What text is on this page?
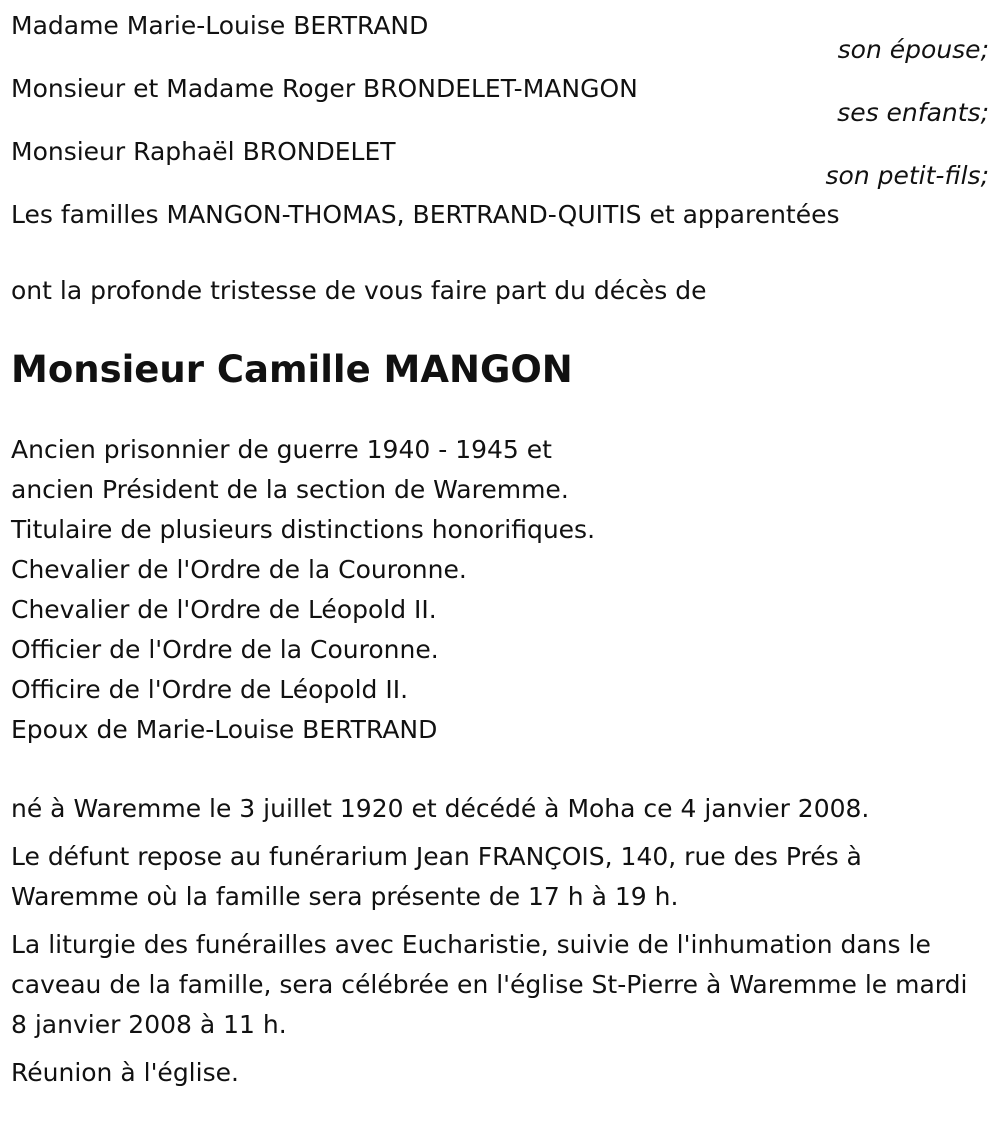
Madame Marie-Louise BERTRAND
son épouse;
Monsieur et Madame Roger BRONDELET-MANGON
ses enfants;
Monsieur Raphaël BRONDELET
son petit-fils;
Les familles MANGON-THOMAS, BERTRAND-QUITIS et apparentées
ont la profonde tristesse de vous faire part du décès de
Monsieur Camille MANGON
Ancien prisonnier de guerre 1940 - 1945 et
ancien Président de la section de Waremme.
Titulaire de plusieurs distinctions honorifiques.
Chevalier de l'Ordre de la Couronne.
Chevalier de l'Ordre de Léopold II.
Officier de l'Ordre de la Couronne.
Officire de l'Ordre de Léopold II.
Epoux de Marie-Louise BERTRAND
né à Waremme le 3 juillet 1920 et décédé à Moha ce 4 janvier 2008.
Le défunt repose au funérarium Jean FRANÇOIS, 140, rue des Prés à Waremme où la famille sera présente de 17 h à 19 h.
La liturgie des funérailles avec Eucharistie, suivie de l'inhumation dans le caveau de la famille, sera célébrée en l'église St-Pierre à Waremme le mardi 8 janvier 2008 à 11 h.
Réunion à l'église.
